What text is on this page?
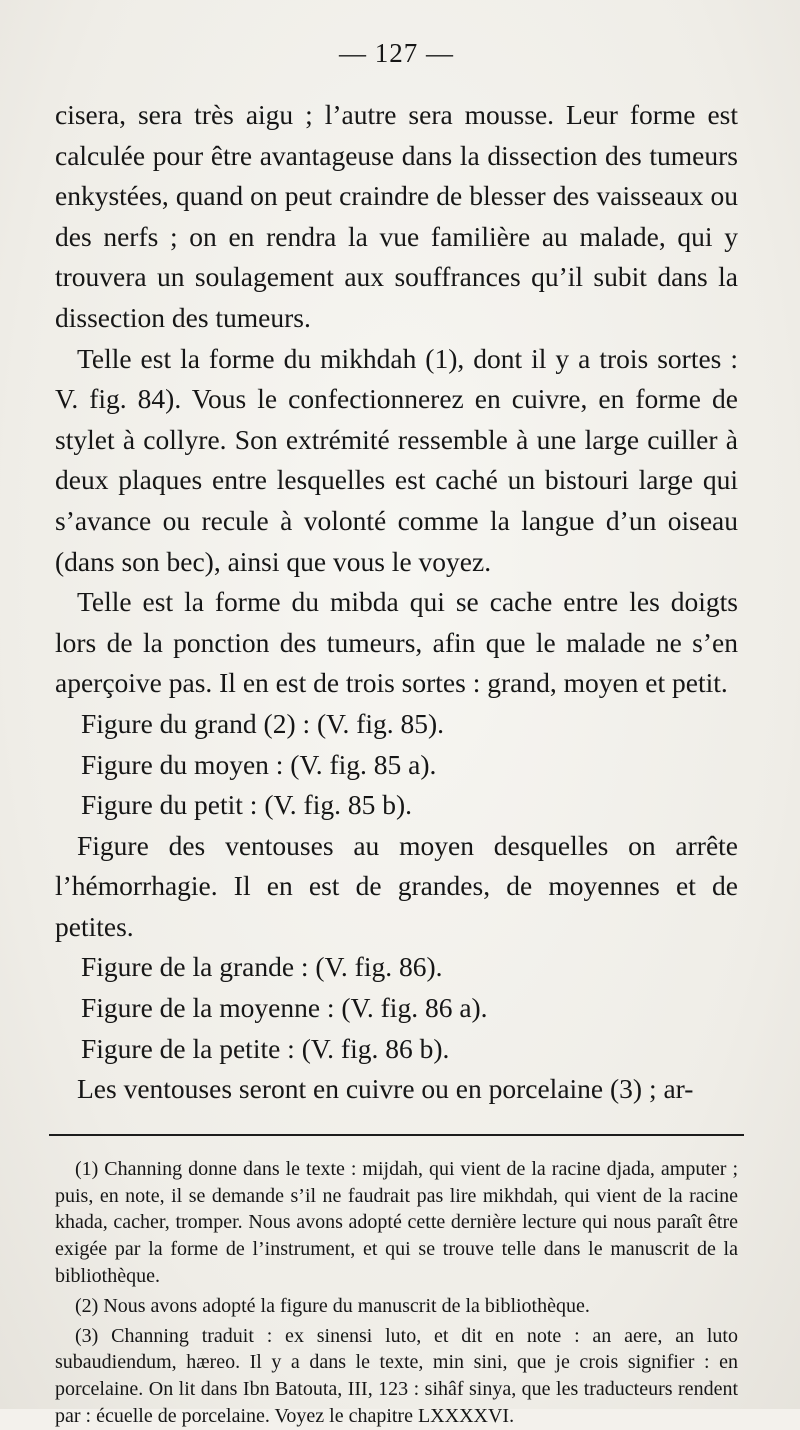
— 127 —

cisera, sera très aigu ; l’autre sera mousse. Leur forme est calculée pour être avantageuse dans la dissection des tumeurs enkystées, quand on peut craindre de blesser des vaisseaux ou des nerfs ; on en rendra la vue familière au malade, qui y trouvera un soulagement aux souffrances qu’il subit dans la dissection des tumeurs.

Telle est la forme du mikhdah (1), dont il y a trois sortes : V. fig. 84). Vous le confectionnerez en cuivre, en forme de stylet à collyre. Son extrémité ressemble à une large cuiller à deux plaques entre lesquelles est caché un bistouri large qui s’avance ou recule à volonté comme la langue d’un oiseau (dans son bec), ainsi que vous le voyez.

Telle est la forme du mibda qui se cache entre les doigts lors de la ponction des tumeurs, afin que le malade ne s’en aperçoive pas. Il en est de trois sortes : grand, moyen et petit.

Figure du grand (2) : (V. fig. 85).

Figure du moyen : (V. fig. 85 a).

Figure du petit : (V. fig. 85 b).

Figure des ventouses au moyen desquelles on arrête l’hémorrhagie. Il en est de grandes, de moyennes et de petites.

Figure de la grande : (V. fig. 86).

Figure de la moyenne : (V. fig. 86 a).

Figure de la petite : (V. fig. 86 b).

Les ventouses seront en cuivre ou en porcelaine (3) ; ar-

(1) Channing donne dans le texte : mijdah, qui vient de la racine djada, amputer ; puis, en note, il se demande s’il ne faudrait pas lire mikhdah, qui vient de la racine khada, cacher, tromper. Nous avons adopté cette dernière lecture qui nous paraît être exigée par la forme de l’instrument, et qui se trouve telle dans le manuscrit de la bibliothèque.

(2) Nous avons adopté la figure du manuscrit de la bibliothèque.

(3) Channing traduit : ex sinensi luto, et dit en note : an aere, an luto subaudiendum, hæreo. Il y a dans le texte, min sini, que je crois signifier : en porcelaine. On lit dans Ibn Batouta, III, 123 : sihâf sinya, que les traducteurs rendent par : écuelle de porcelaine. Voyez le chapitre LXXXXVI.
